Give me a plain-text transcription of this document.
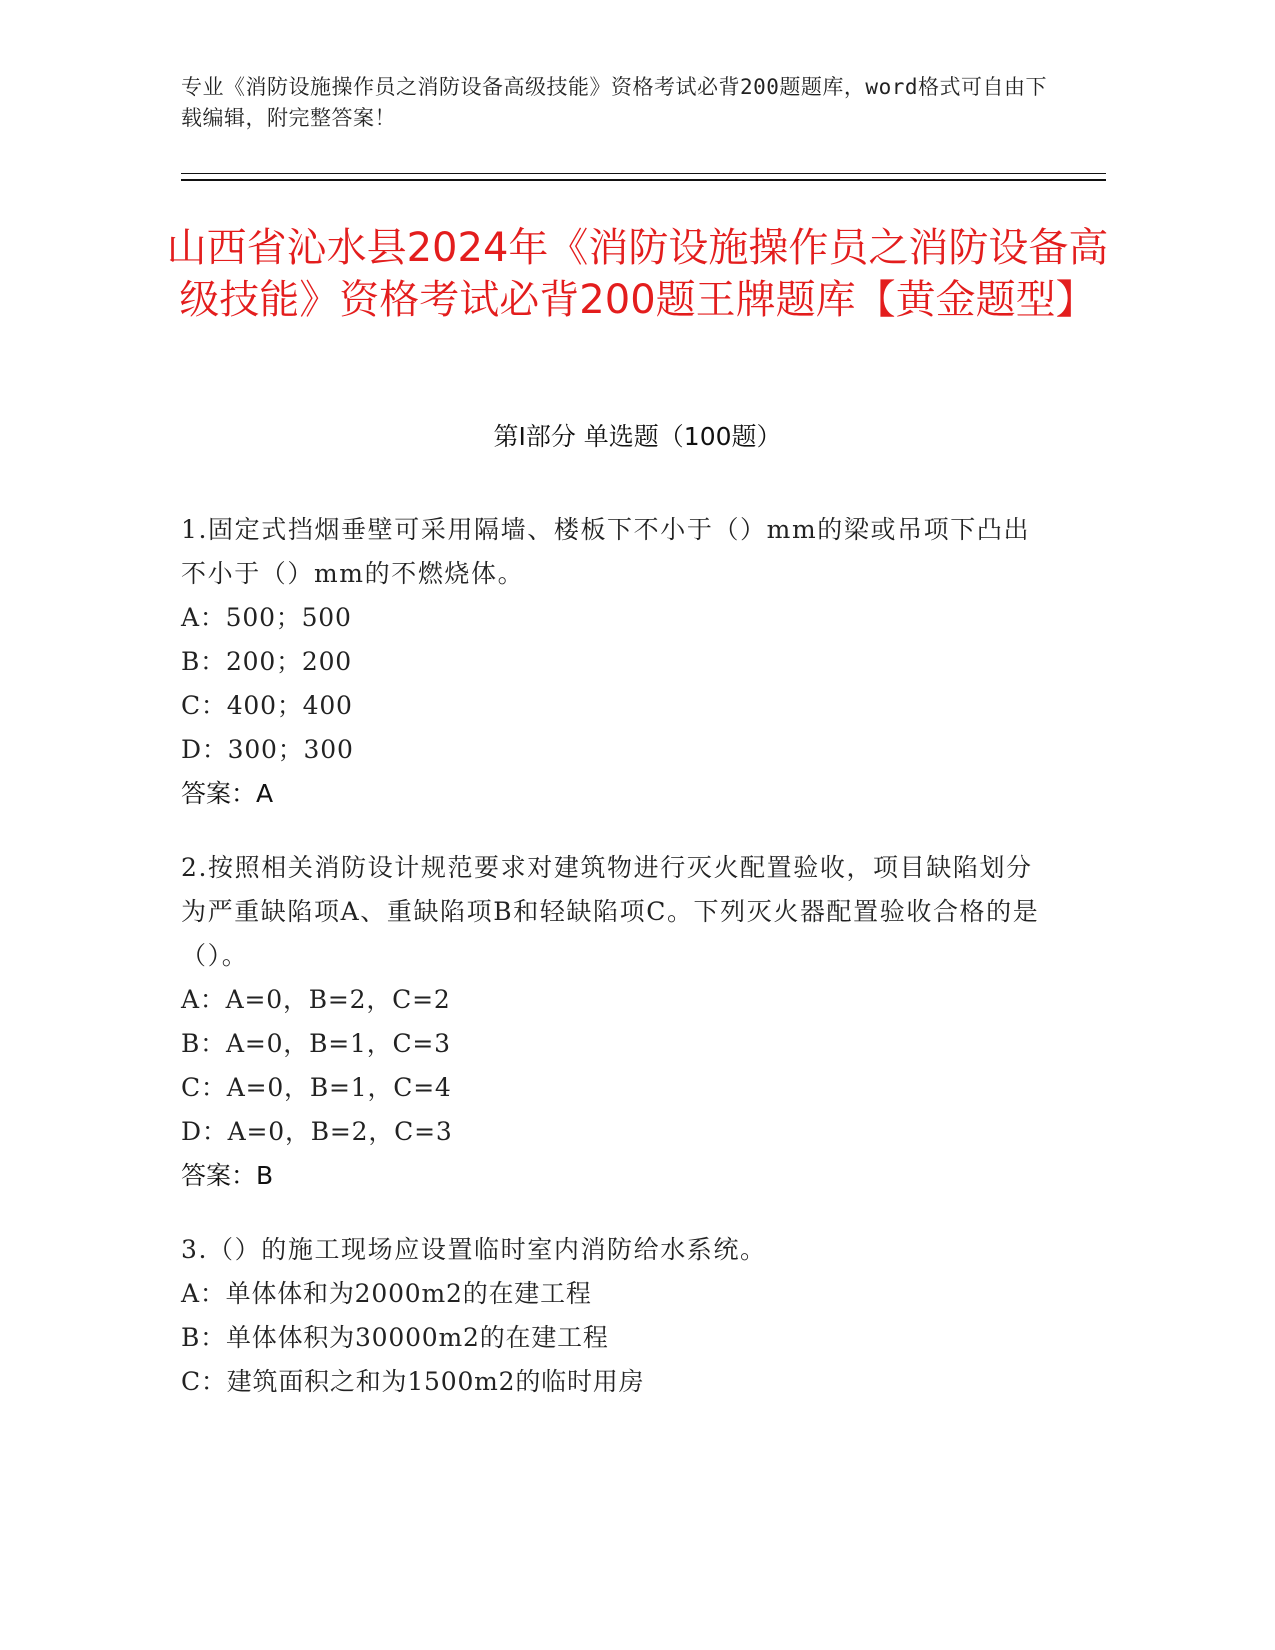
专业《消防设施操作员之消防设备高级技能》资格考试必背200题题库，word格式可自由下载编辑，附完整答案！
山西省沁水县2024年《消防设施操作员之消防设备高级技能》资格考试必背200题王牌题库【黄金题型】
第I部分 单选题（100题）
1.固定式挡烟垂壁可采用隔墙、楼板下不小于（）mm的梁或吊项下凸出不小于（）mm的不燃烧体。
A：500；500
B：200；200
C：400；400
D：300；300
答案：A
2.按照相关消防设计规范要求对建筑物进行灭火配置验收，项目缺陷划分为严重缺陷项A、重缺陷项B和轻缺陷项C。下列灭火器配置验收合格的是（）。
A：A=0，B=2，C=2
B：A=0，B=1，C=3
C：A=0，B=1，C=4
D：A=0，B=2，C=3
答案：B
3.（）的施工现场应设置临时室内消防给水系统。
A：单体体和为2000m2的在建工程
B：单体体积为30000m2的在建工程
C：建筑面积之和为1500m2的临时用房
